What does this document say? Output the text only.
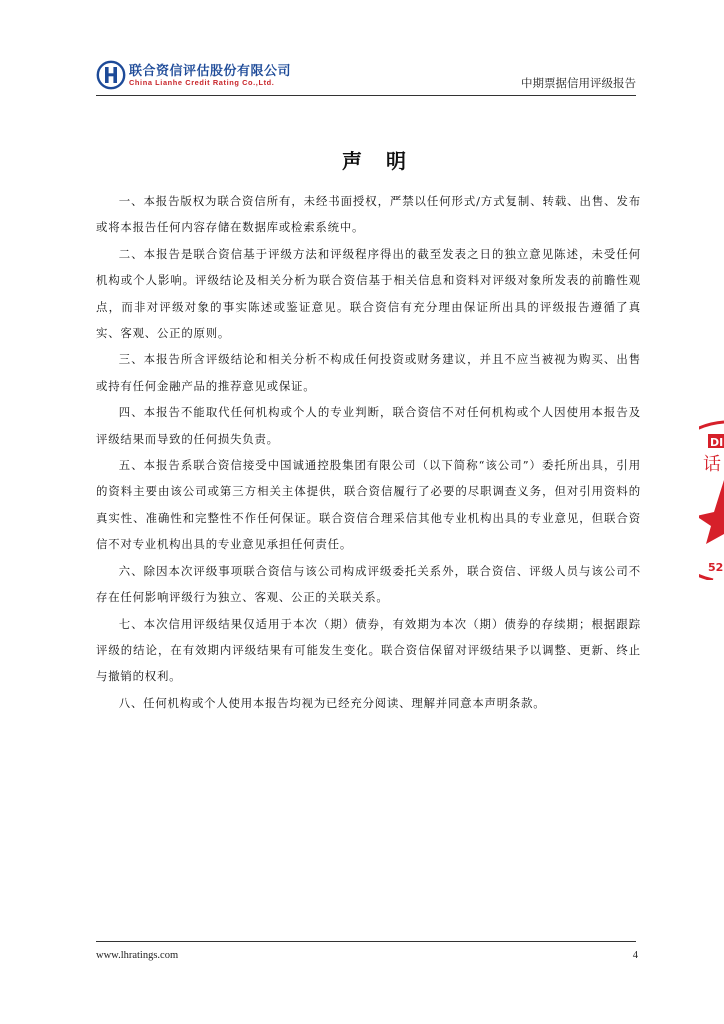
联合资信评估股份有限公司
China Lianhe Credit Rating Co.,Ltd.	中期票据信用评级报告
声明

一、本报告版权为联合资信所有，未经书面授权，严禁以任何形式/方式复制、转载、出售、发布或将本报告任何内容存储在数据库或检索系统中。

二、本报告是联合资信基于评级方法和评级程序得出的截至发表之日的独立意见陈述，未受任何机构或个人影响。评级结论及相关分析为联合资信基于相关信息和资料对评级对象所发表的前瞻性观点，而非对评级对象的事实陈述或鉴证意见。联合资信有充分理由保证所出具的评级报告遵循了真实、客观、公正的原则。

三、本报告所含评级结论和相关分析不构成任何投资或财务建议，并且不应当被视为购买、出售或持有任何金融产品的推荐意见或保证。

四、本报告不能取代任何机构或个人的专业判断，联合资信不对任何机构或个人因使用本报告及评级结果而导致的任何损失负责。

五、本报告系联合资信接受中国诚通控股集团有限公司（以下简称“该公司”）委托所出具，引用的资料主要由该公司或第三方相关主体提供，联合资信履行了必要的尽职调查义务，但对引用资料的真实性、准确性和完整性不作任何保证。联合资信合理采信其他专业机构出具的专业意见，但联合资信不对专业机构出具的专业意见承担任何责任。

六、除因本次评级事项联合资信与该公司构成评级委托关系外，联合资信、评级人员与该公司不存在任何影响评级行为独立、客观、公正的关联关系。

七、本次信用评级结果仅适用于本次（期）债券，有效期为本次（期）债券的存续期；根据跟踪评级的结论，在有效期内评级结果有可能发生变化。联合资信保留对评级结果予以调整、更新、终止与撤销的权利。

八、任何机构或个人使用本报告均视为已经充分阅读、理解并同意本声明条款。

DI
话
52
www.lhratings.com	4
